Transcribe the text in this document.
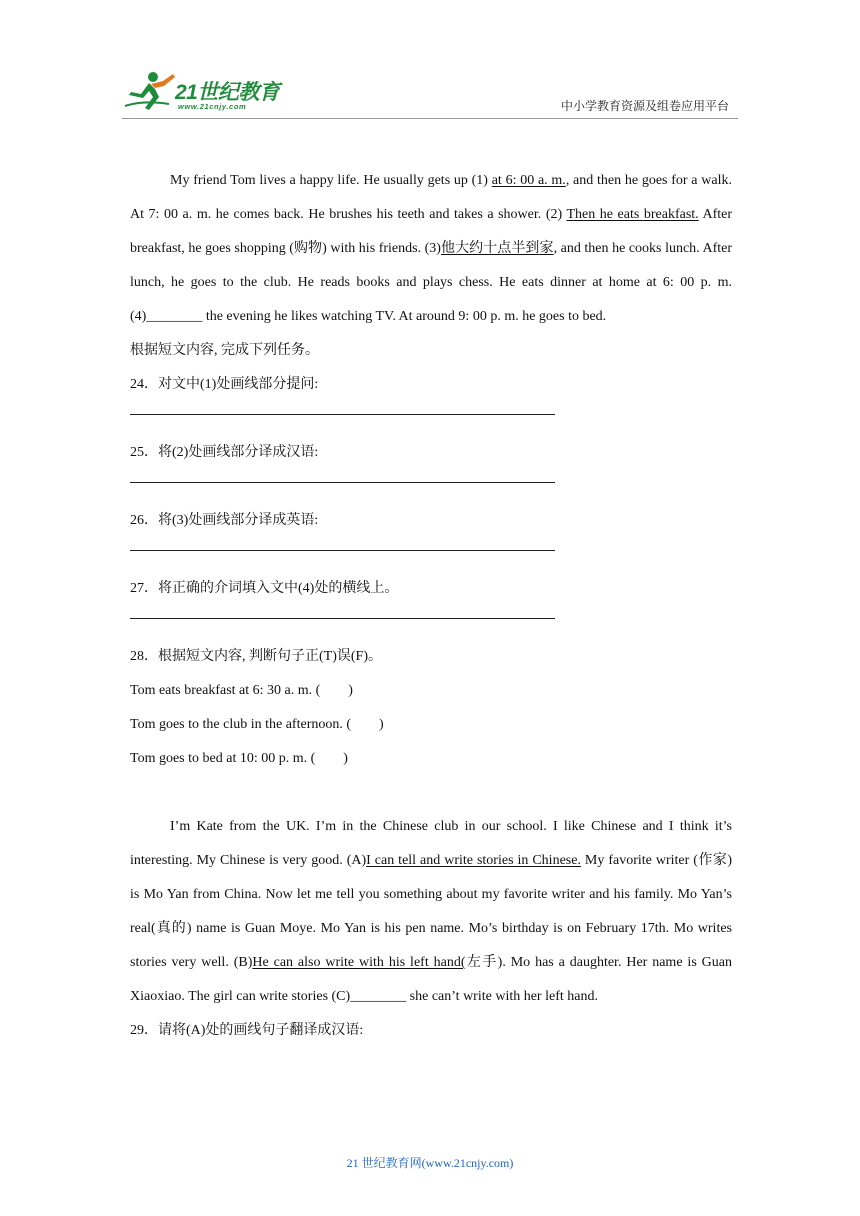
21世纪教育
www.21cnjy.com	中小学教育资源及组卷应用平台
My friend Tom lives a happy life. He usually gets up (1) at 6: 00 a. m., and then he goes for a walk. At 7: 00 a. m. he comes back. He brushes his teeth and takes a shower. (2) Then he eats breakfast. After breakfast, he goes shopping (购物) with his friends. (3)他大约十点半到家, and then he cooks lunch. After lunch, he goes to the club. He reads books and plays chess. He eats dinner at home at 6: 00 p. m. (4)________ the evening he likes watching TV. At around 9: 00 p. m. he goes to bed.
根据短文内容, 完成下列任务。
24．对文中(1)处画线部分提问:
25．将(2)处画线部分译成汉语:
26．将(3)处画线部分译成英语:
27．将正确的介词填入文中(4)处的横线上。
28．根据短文内容, 判断句子正(T)误(F)。
Tom eats breakfast at 6: 30 a. m. (　　)
Tom goes to the club in the afternoon. (　　)
Tom goes to bed at 10: 00 p. m. (　　)
I’m Kate from the UK. I’m in the Chinese club in our school. I like Chinese and I think it’s interesting. My Chinese is very good. (A)I can tell and write stories in Chinese. My favorite writer (作家) is Mo Yan from China. Now let me tell you something about my favorite writer and his family. Mo Yan’s real(真的) name is Guan Moye. Mo Yan is his pen name. Mo’s birthday is on February 17th. Mo writes stories very well. (B)He can also write with his left hand(左手). Mo has a daughter. Her name is Guan Xiaoxiao. The girl can write stories (C)________ she can’t write with her left hand.
29．请将(A)处的画线句子翻译成汉语:
21 世纪教育网(www.21cnjy.com)
